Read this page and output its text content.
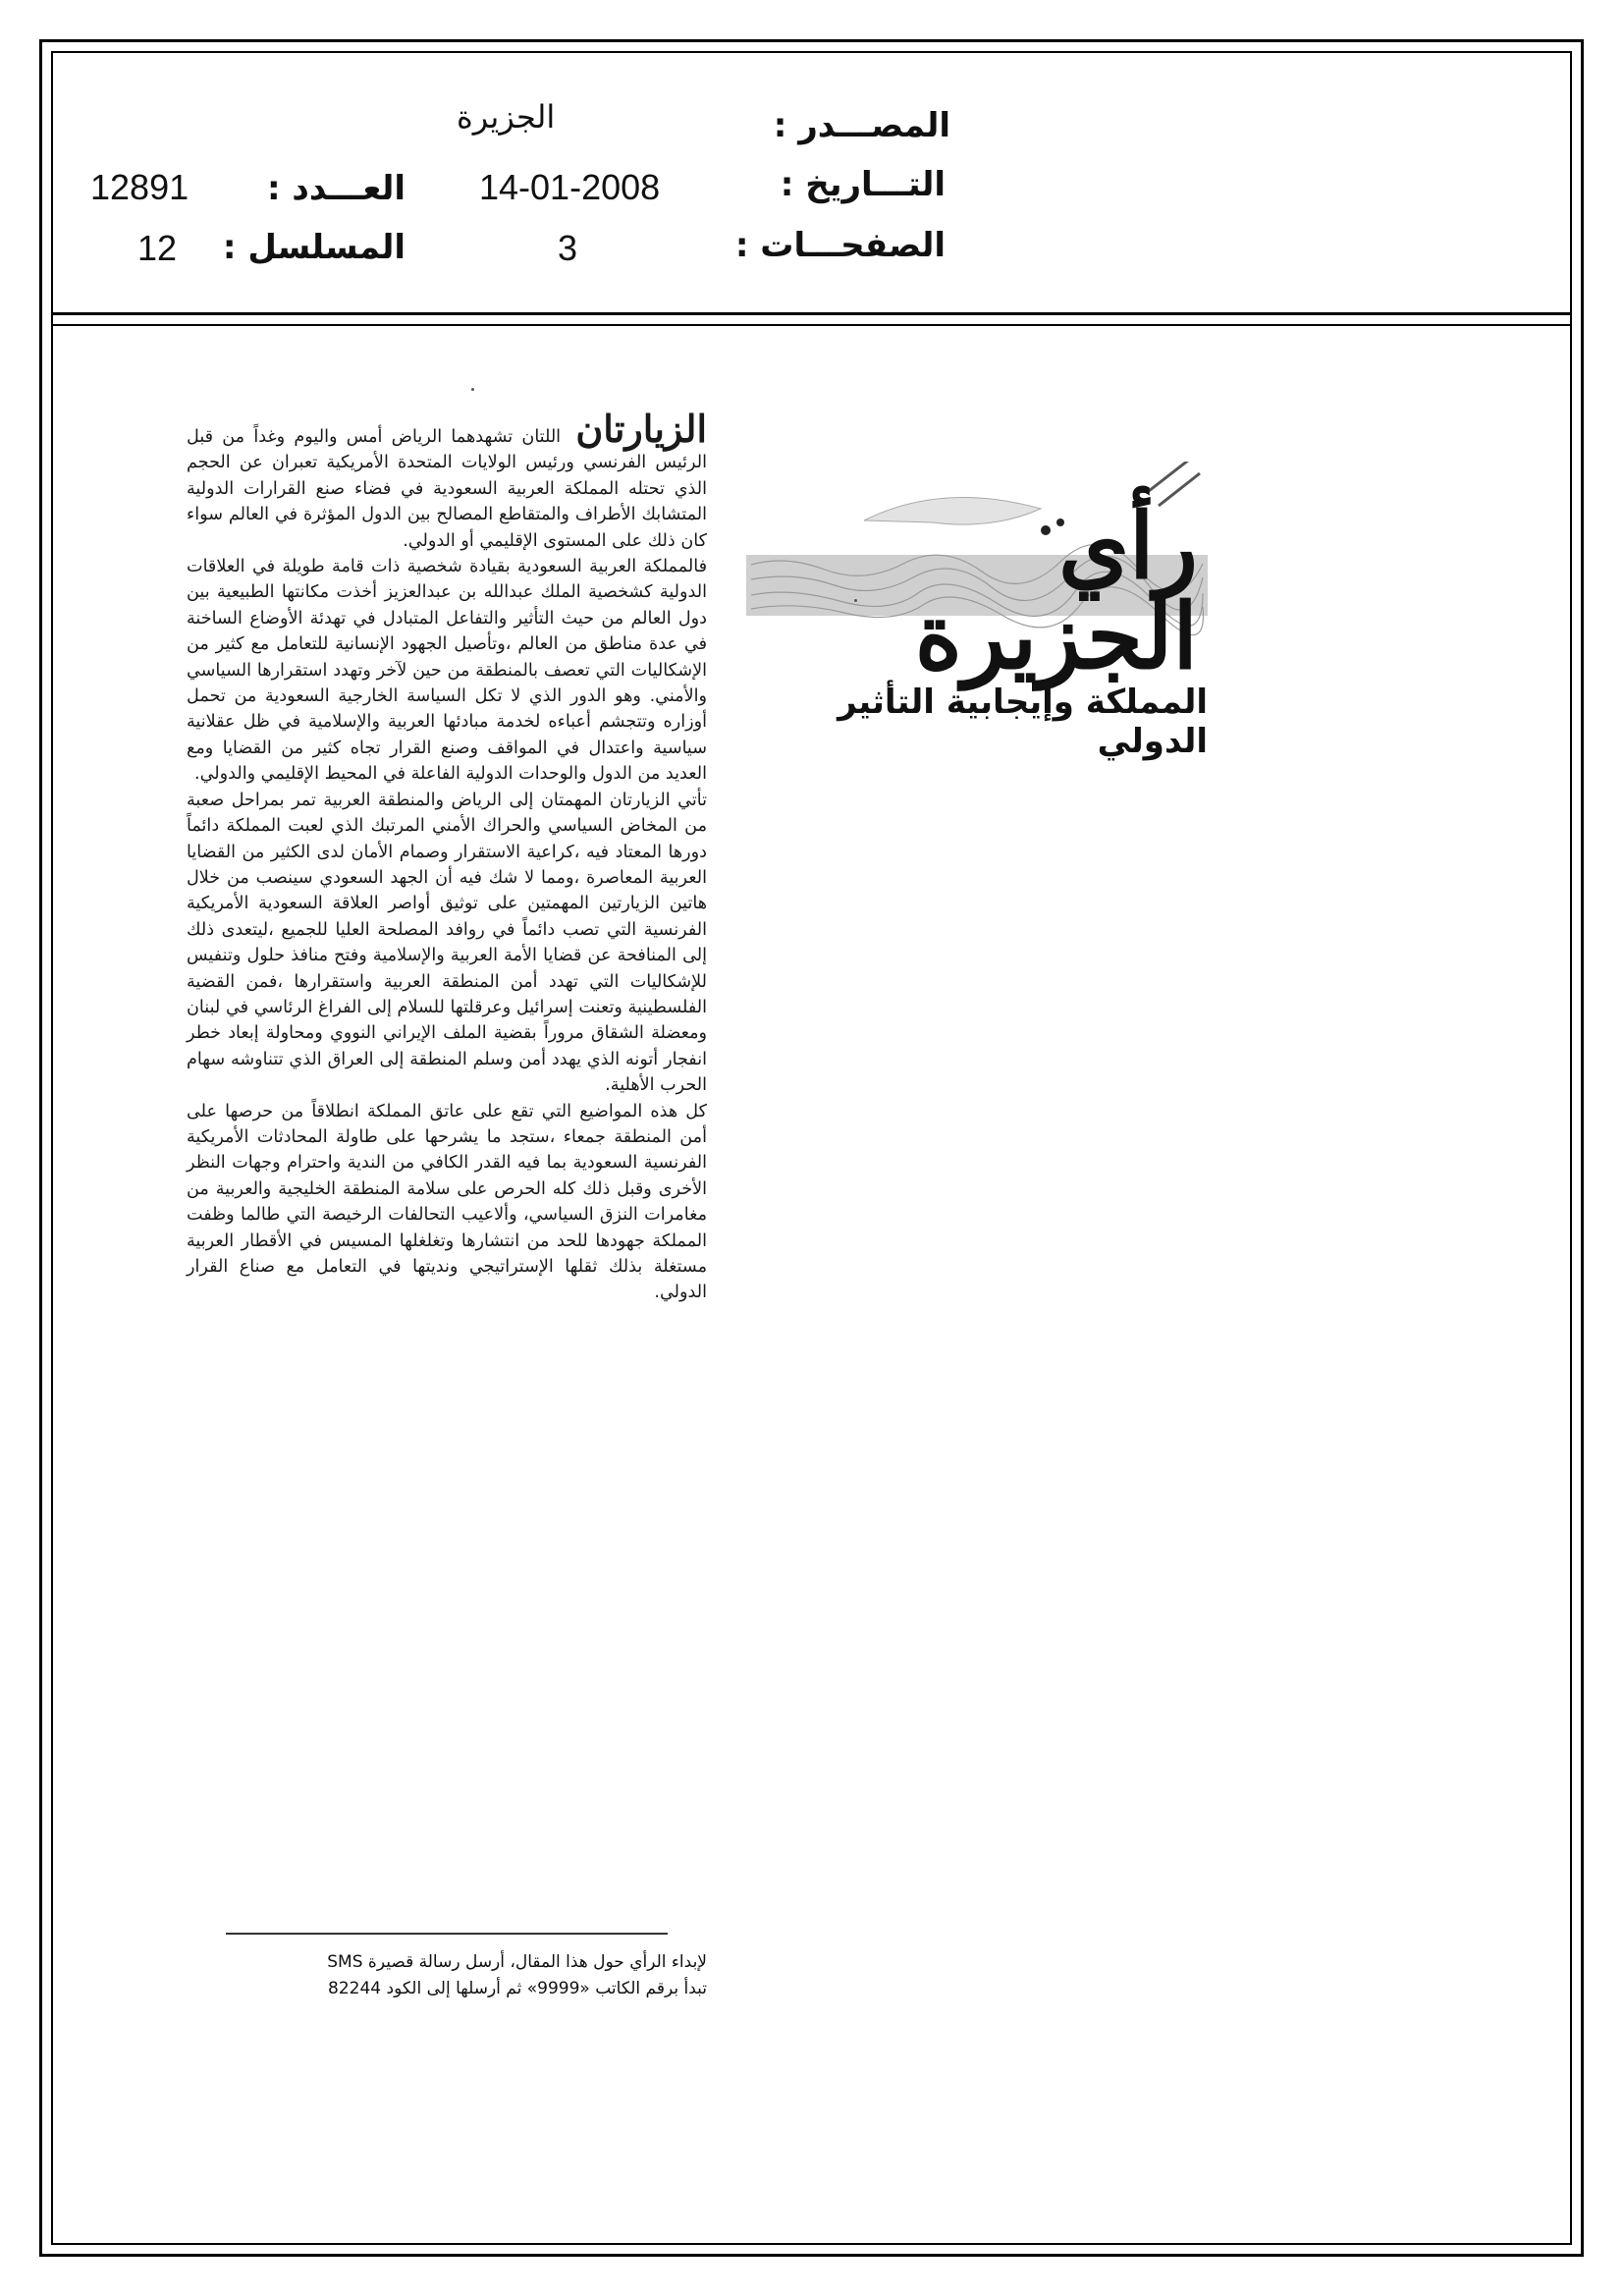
المصـــدر :
الجزيرة
التـــاريخ :
14-01-2008
العـــدد :
12891
الصفحـــات :
3
المسلسل :
12
رأي الجزيرة
المملكة وإيجابية التأثير الدولي

الزيارتان اللتان تشهدهما الرياض أمس واليوم وغداً من قبل الرئيس الفرنسي ورئيس الولايات المتحدة الأمريكية تعبران عن الحجم الذي تحتله المملكة العربية السعودية في فضاء صنع القرارات الدولية المتشابك الأطراف والمتقاطع المصالح بين الدول المؤثرة في العالم سواء كان ذلك على المستوى الإقليمي أو الدولي.

فالمملكة العربية السعودية بقيادة شخصية ذات قامة طويلة في العلاقات الدولية كشخصية الملك عبدالله بن عبدالعزيز أخذت مكانتها الطبيعية بين دول العالم من حيث التأثير والتفاعل المتبادل في تهدئة الأوضاع الساخنة في عدة مناطق من العالم ،وتأصيل الجهود الإنسانية للتعامل مع كثير من الإشكاليات التي تعصف بالمنطقة من حين لآخر وتهدد استقرارها السياسي والأمني. وهو الدور الذي لا تكل السياسة الخارجية السعودية من تحمل أوزاره وتتجشم أعباءه لخدمة مبادئها العربية والإسلامية في ظل عقلانية سياسية واعتدال في المواقف وصنع القرار تجاه كثير من القضايا ومع العديد من الدول والوحدات الدولية الفاعلة في المحيط الإقليمي والدولي.

تأتي الزيارتان المهمتان إلى الرياض والمنطقة العربية تمر بمراحل صعبة من المخاض السياسي والحراك الأمني المرتبك الذي لعبت المملكة دائماً دورها المعتاد فيه ،كراعية الاستقرار وصمام الأمان لدى الكثير من القضايا العربية المعاصرة ،ومما لا شك فيه أن الجهد السعودي سينصب من خلال هاتين الزيارتين المهمتين على توثيق أواصر العلاقة السعودية الأمريكية الفرنسية التي تصب دائماً في روافد المصلحة العليا للجميع ،ليتعدى ذلك إلى المنافحة عن قضايا الأمة العربية والإسلامية وفتح منافذ حلول وتنفيس للإشكاليات التي تهدد أمن المنطقة العربية واستقرارها ،فمن القضية الفلسطينية وتعنت إسرائيل وعرقلتها للسلام إلى الفراغ الرئاسي في لبنان ومعضلة الشقاق مروراً بقضية الملف الإيراني النووي ومحاولة إبعاد خطر انفجار أتونه الذي يهدد أمن وسلم المنطقة إلى العراق الذي تتناوشه سهام الحرب الأهلية.

كل هذه المواضيع التي تقع على عاتق المملكة انطلاقاً من حرصها على أمن المنطقة جمعاء ،ستجد ما يشرحها على طاولة المحادثات الأمريكية الفرنسية السعودية بما فيه القدر الكافي من الندية واحترام وجهات النظر الأخرى وقبل ذلك كله الحرص على سلامة المنطقة الخليجية والعربية من مغامرات النزق السياسي، وألاعيب التحالفات الرخيصة التي طالما وظفت المملكة جهودها للحد من انتشارها وتغلغلها المسيس في الأقطار العربية مستغلة بذلك ثقلها الإستراتيجي ونديتها في التعامل مع صناع القرار الدولي.

لإبداء الرأي حول هذا المقال، أرسل رسالة قصيرة SMS
تبدأ برقم الكاتب «9999» ثم أرسلها إلى الكود 82244
